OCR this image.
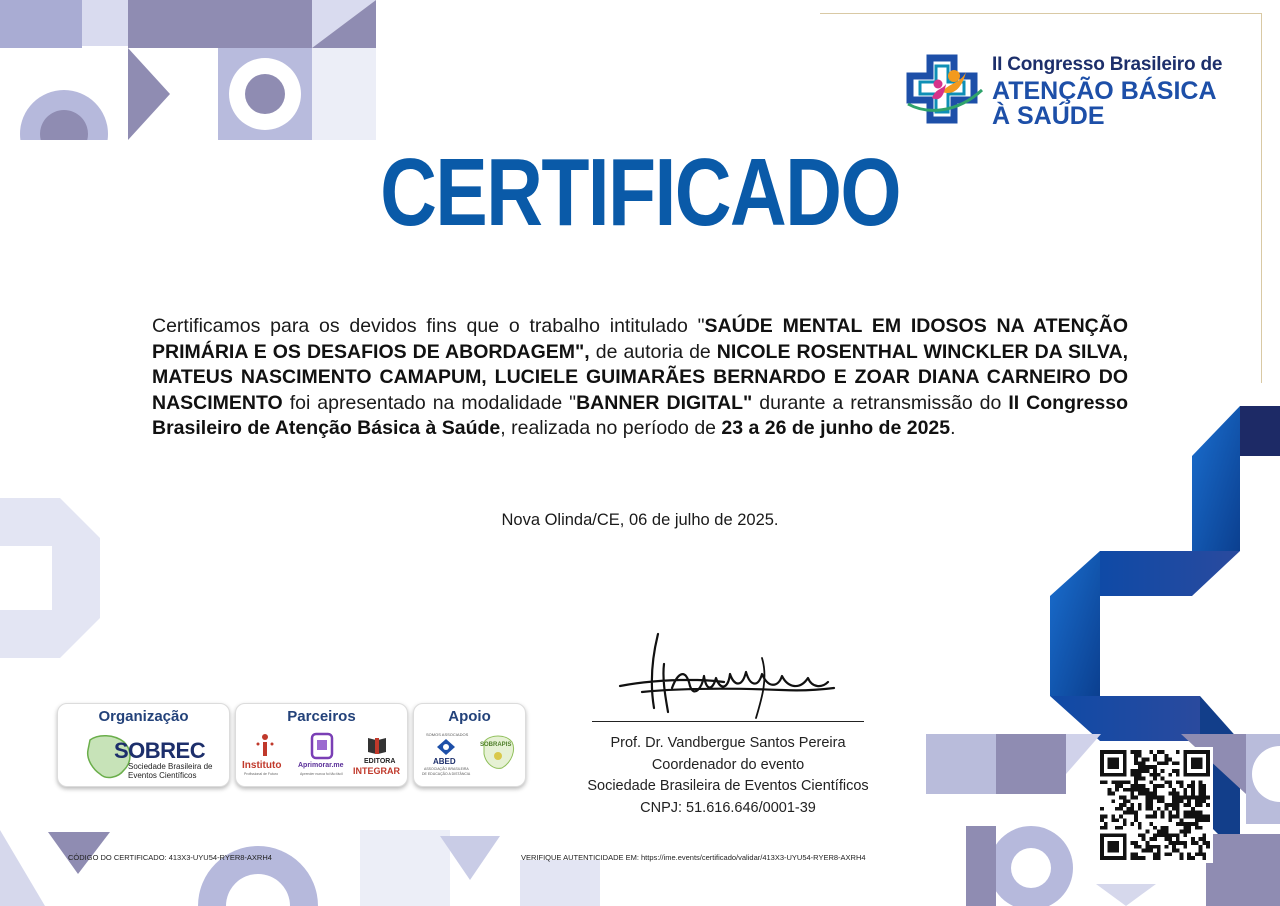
II Congresso Brasileiro de
ATENÇÃO BÁSICA
À SAÚDE
CERTIFICADO
Certificamos para os devidos fins que o trabalho intitulado "SAÚDE MENTAL EM IDOSOS NA ATENÇÃO PRIMÁRIA E OS DESAFIOS DE ABORDAGEM", de autoria de NICOLE ROSENTHAL WINCKLER DA SILVA, MATEUS NASCIMENTO CAMAPUM, LUCIELE GUIMARÃES BERNARDO E ZOAR DIANA CARNEIRO DO NASCIMENTO foi apresentado na modalidade "BANNER DIGITAL" durante a retransmissão do II Congresso Brasileiro de Atenção Básica à Saúde, realizada no período de 23 a 26 de junho de 2025.
Nova Olinda/CE, 06 de julho de 2025.
Prof. Dr. Vandbergue Santos Pereira
Coordenador do evento
Sociedade Brasileira de Eventos Científicos
CNPJ: 51.616.646/0001-39
Organização
SOBREC
Sociedade Brasileira de
Eventos Científicos
Parceiros
Instituto
Profissional de Futuro
Aprimorar.me
Aprender nunca foi tão fácil
EDITORA
INTEGRAR
Apoio
SOMOS ASSOCIADOS
ABED
ASSOCIAÇÃO BRASILEIRA
DE EDUCAÇÃO A DISTÂNCIA
SOBRAPIS
CÓDIGO DO CERTIFICADO: 413X3-UYU54-RYER8-AXRH4	VERIFIQUE AUTENTICIDADE EM: https://ime.events/certificado/validar/413X3-UYU54-RYER8-AXRH4
